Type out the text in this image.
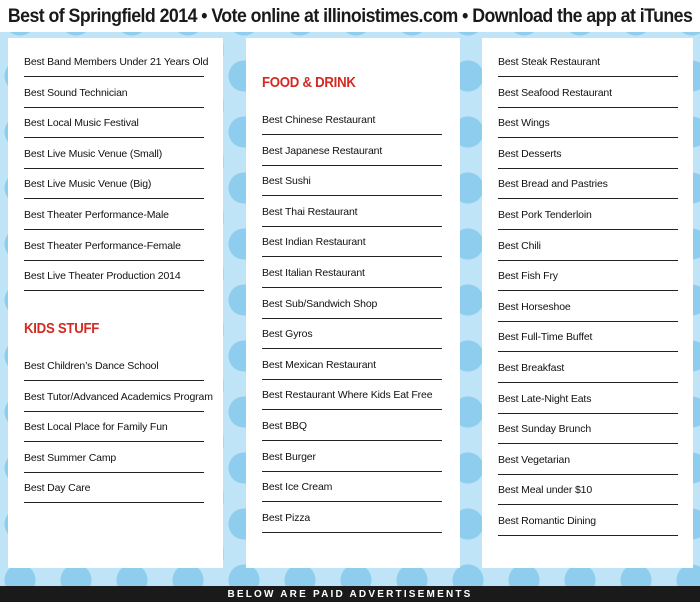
Best of Springfield 2014 • Vote online at illinoistimes.com • Download the app at iTunes
KIDS STUFF
Best Band Members Under 21 Years Old
Best Sound Technician
Best Local Music Festival
Best Live Music Venue (Small)
Best Live Music Venue (Big)
Best Theater Performance-Male
Best Theater Performance-Female
Best Live Theater Production 2014
Best Children’s Dance School
Best Tutor/Advanced Academics Program
Best Local Place for Family Fun
Best Summer Camp
Best Day Care
FOOD & DRINK
Best Chinese Restaurant
Best Japanese Restaurant
Best Sushi
Best Thai Restaurant
Best Indian Restaurant
Best Italian Restaurant
Best Sub/Sandwich Shop
Best Gyros
Best Mexican Restaurant
Best Restaurant Where Kids Eat Free
Best BBQ
Best Burger
Best Ice Cream
Best Pizza
Best Steak Restaurant
Best Seafood Restaurant
Best Wings
Best Desserts
Best Bread and Pastries
Best Pork Tenderloin
Best Chili
Best Fish Fry
Best Horseshoe
Best Full-Time Buffet
Best Breakfast
Best Late-Night Eats
Best Sunday Brunch
Best Vegetarian
Best Meal under $10
Best Romantic Dining
BELOW ARE PAID ADVERTISEMENTS
